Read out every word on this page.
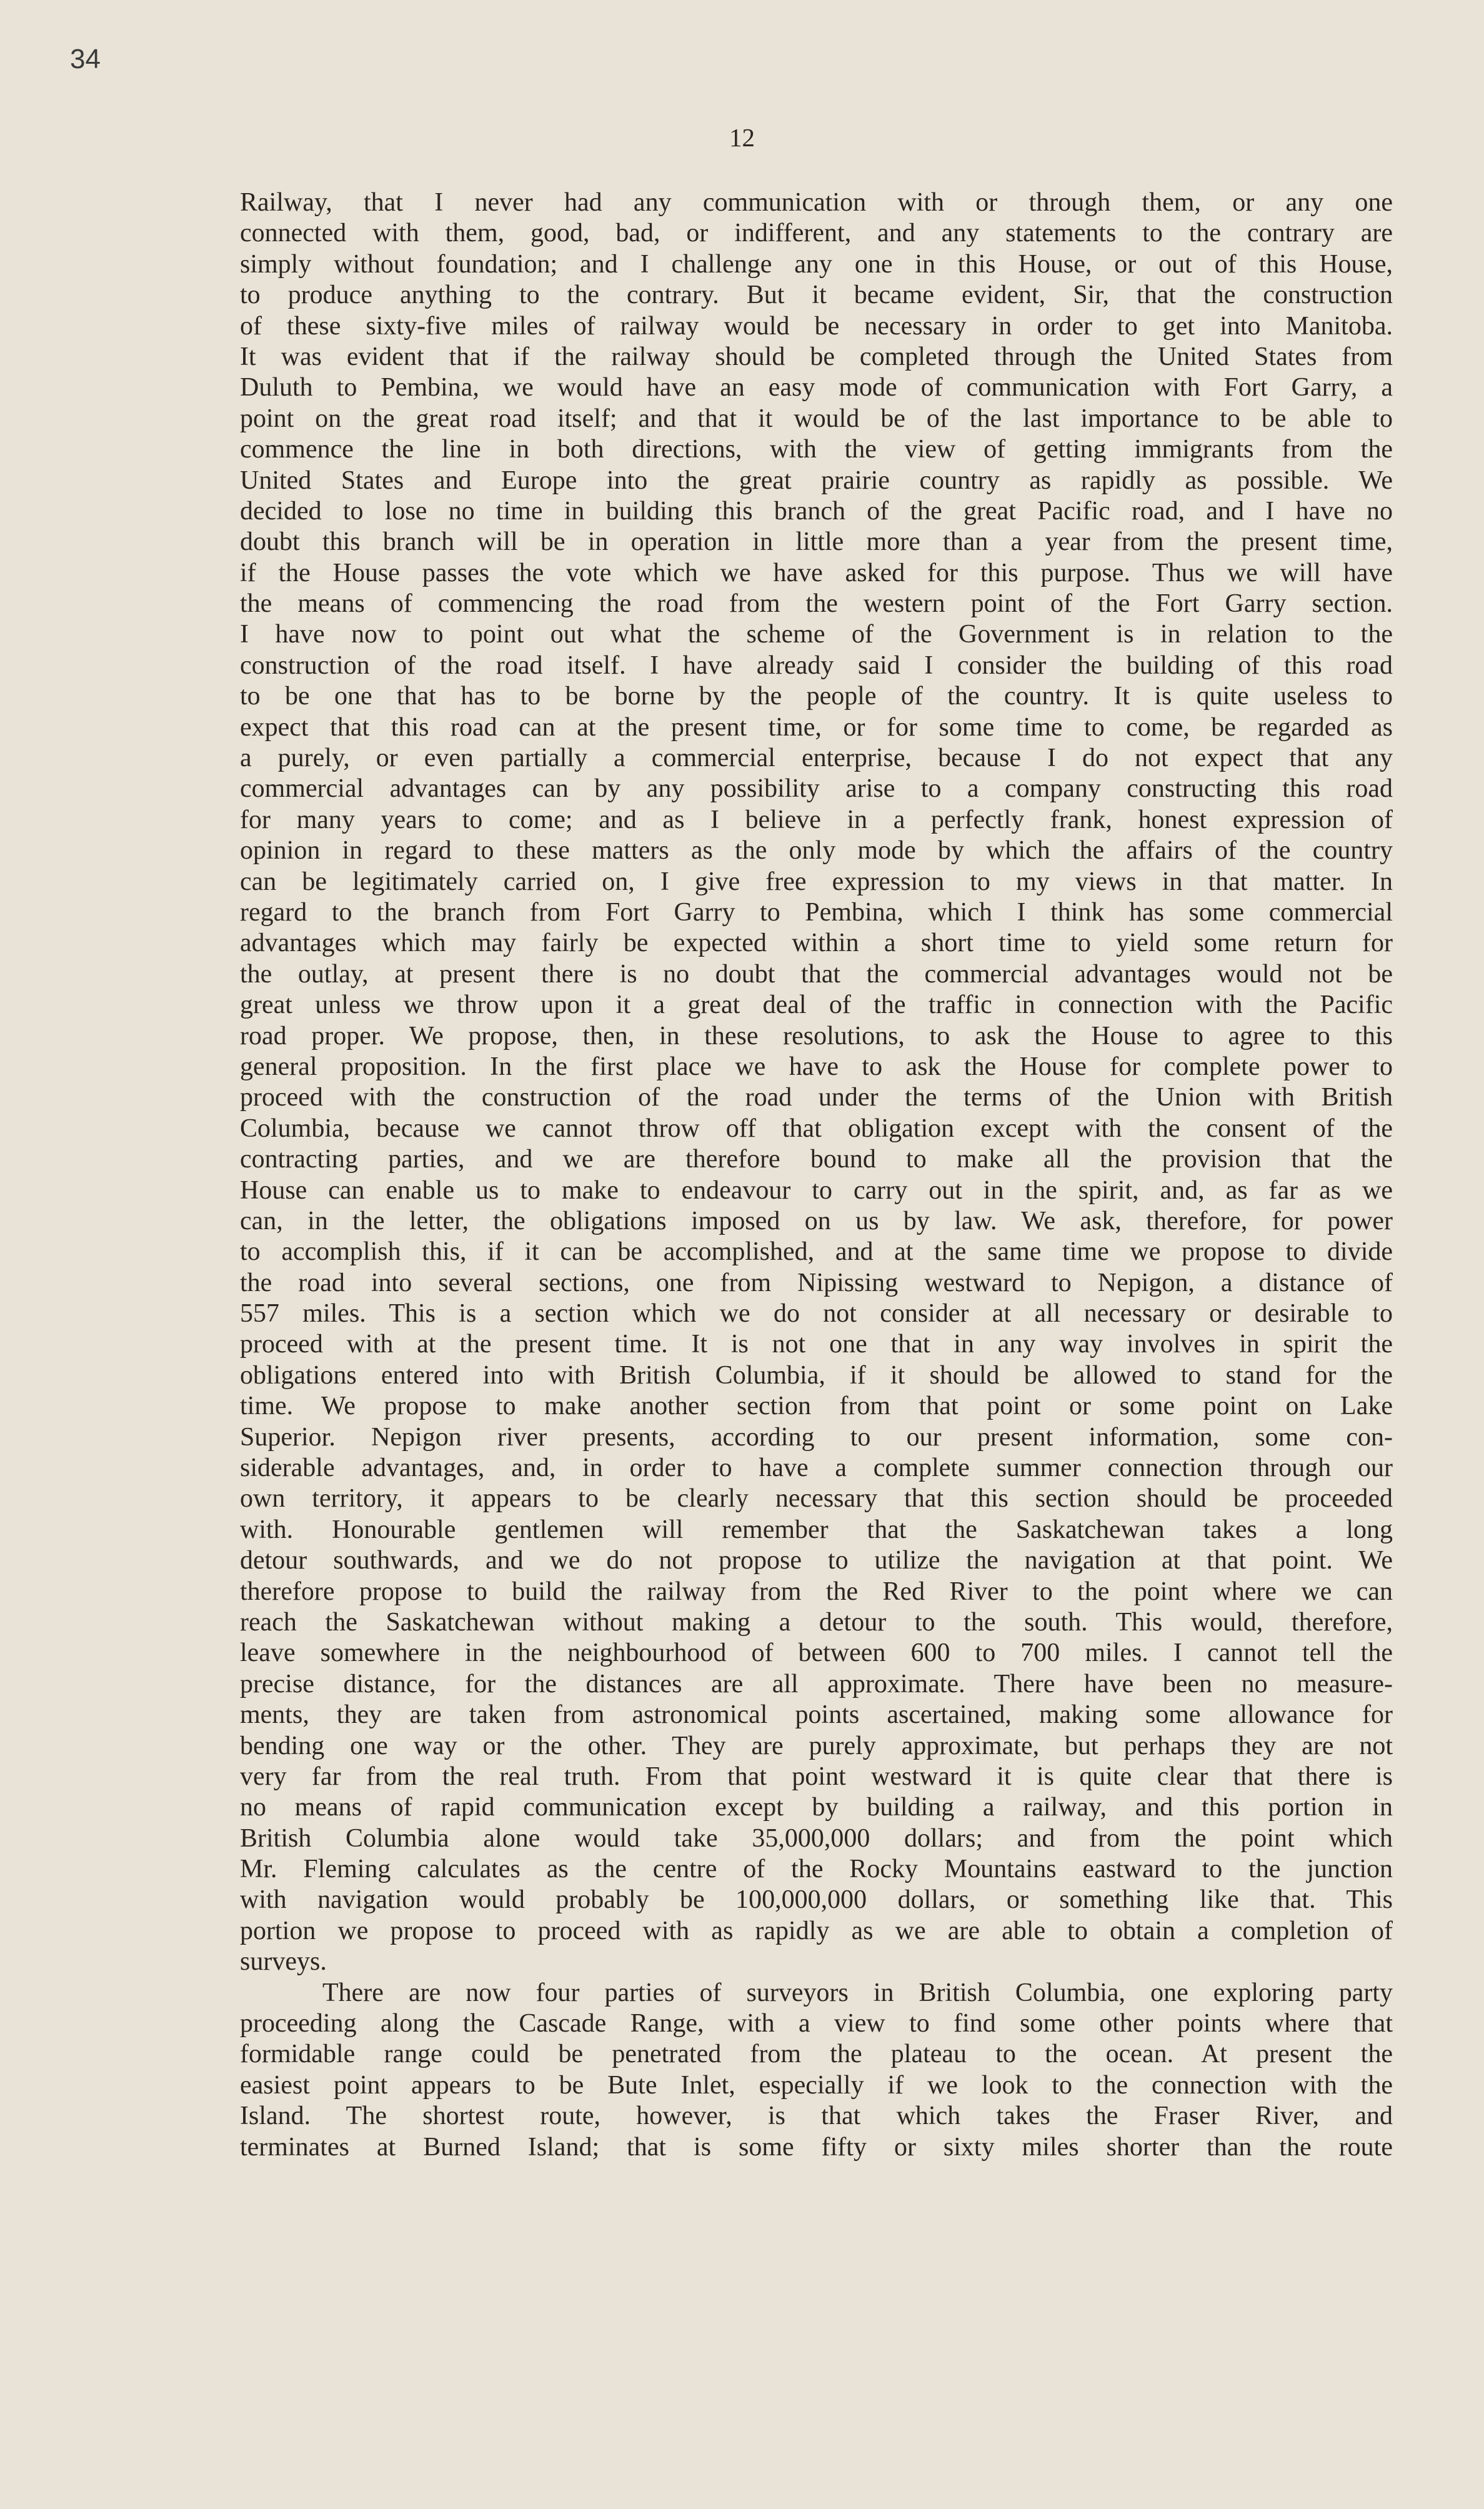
34
12
Railway, that I never had any communication with or through them, or any one
connected with them, good, bad, or indifferent, and any statements to the contrary are
simply without foundation; and I challenge any one in this House, or out of this House,
to produce anything to the contrary. But it became evident, Sir, that the construction
of these sixty-five miles of railway would be necessary in order to get into Manitoba.
It was evident that if the railway should be completed through the United States from
Duluth to Pembina, we would have an easy mode of communication with Fort Garry, a
point on the great road itself; and that it would be of the last importance to be able to
commence the line in both directions, with the view of getting immigrants from the
United States and Europe into the great prairie country as rapidly as possible. We
decided to lose no time in building this branch of the great Pacific road, and I have no
doubt this branch will be in operation in little more than a year from the present time,
if the House passes the vote which we have asked for this purpose. Thus we will have
the means of commencing the road from the western point of the Fort Garry section.
I have now to point out what the scheme of the Government is in relation to the
construction of the road itself. I have already said I consider the building of this road
to be one that has to be borne by the people of the country. It is quite useless to
expect that this road can at the present time, or for some time to come, be regarded as
a purely, or even partially a commercial enterprise, because I do not expect that any
commercial advantages can by any possibility arise to a company constructing this road
for many years to come; and as I believe in a perfectly frank, honest expression of
opinion in regard to these matters as the only mode by which the affairs of the country
can be legitimately carried on, I give free expression to my views in that matter. In
regard to the branch from Fort Garry to Pembina, which I think has some commercial
advantages which may fairly be expected within a short time to yield some return for
the outlay, at present there is no doubt that the commercial advantages would not be
great unless we throw upon it a great deal of the traffic in connection with the Pacific
road proper. We propose, then, in these resolutions, to ask the House to agree to this
general proposition. In the first place we have to ask the House for complete power to
proceed with the construction of the road under the terms of the Union with British
Columbia, because we cannot throw off that obligation except with the consent of the
contracting parties, and we are therefore bound to make all the provision that the
House can enable us to make to endeavour to carry out in the spirit, and, as far as we
can, in the letter, the obligations imposed on us by law. We ask, therefore, for power
to accomplish this, if it can be accomplished, and at the same time we propose to divide
the road into several sections, one from Nipissing westward to Nepigon, a distance of
557 miles. This is a section which we do not consider at all necessary or desirable to
proceed with at the present time. It is not one that in any way involves in spirit the
obligations entered into with British Columbia, if it should be allowed to stand for the
time. We propose to make another section from that point or some point on Lake
Superior. Nepigon river presents, according to our present information, some con-
siderable advantages, and, in order to have a complete summer connection through our
own territory, it appears to be clearly necessary that this section should be proceeded
with. Honourable gentlemen will remember that the Saskatchewan takes a long
detour southwards, and we do not propose to utilize the navigation at that point. We
therefore propose to build the railway from the Red River to the point where we can
reach the Saskatchewan without making a detour to the south. This would, therefore,
leave somewhere in the neighbourhood of between 600 to 700 miles. I cannot tell the
precise distance, for the distances are all approximate. There have been no measure-
ments, they are taken from astronomical points ascertained, making some allowance for
bending one way or the other. They are purely approximate, but perhaps they are not
very far from the real truth. From that point westward it is quite clear that there is
no means of rapid communication except by building a railway, and this portion in
British Columbia alone would take 35,000,000 dollars; and from the point which
Mr. Fleming calculates as the centre of the Rocky Mountains eastward to the junction
with navigation would probably be 100,000,000 dollars, or something like that. This
portion we propose to proceed with as rapidly as we are able to obtain a completion of
surveys.
There are now four parties of surveyors in British Columbia, one exploring party
proceeding along the Cascade Range, with a view to find some other points where that
formidable range could be penetrated from the plateau to the ocean. At present the
easiest point appears to be Bute Inlet, especially if we look to the connection with the
Island. The shortest route, however, is that which takes the Fraser River, and
terminates at Burned Island; that is some fifty or sixty miles shorter than the route
